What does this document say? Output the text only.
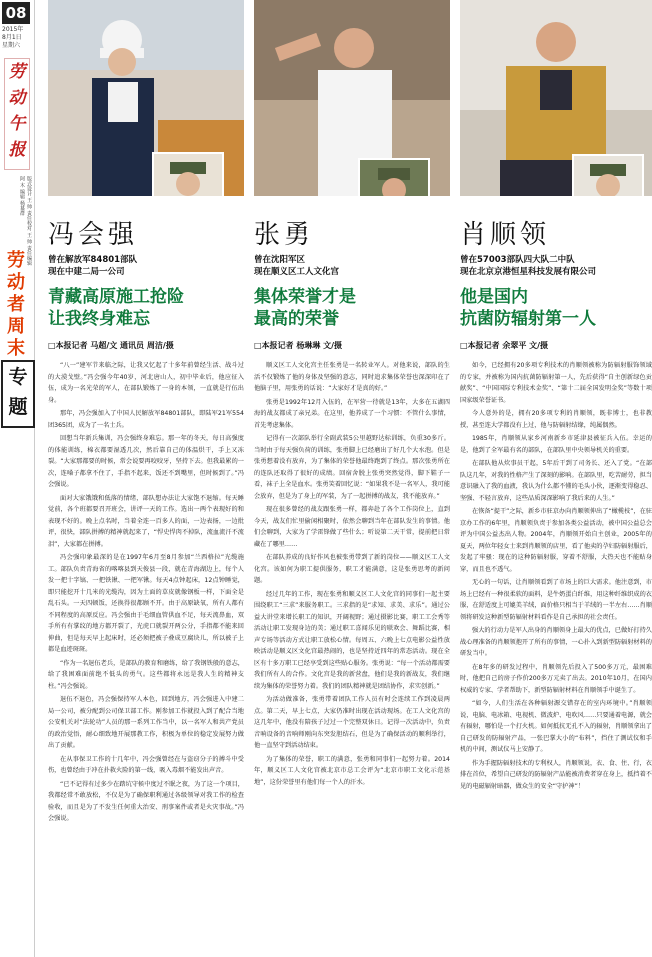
08
2015年
8月1日
星期六
劳动午报
版式设计 王 帅 责任校对 王 帅 责任编辑 阿 木 编辑 杨幕群
劳动者周末
专题
冯会强
曾在解放军84801部队
现在中建二局一公司
青藏高原施工抢险
让我终身难忘
□本报记者 马超/文 通讯员 周洁/摄

“八一”建军节来临之际，让我又忆起了十多年前曾经生活、战斗过的大漠戈壁。”冯会强今年40岁，河北唐山人，初中毕业后，他应征入伍，成为一名光荣的军人，在部队锻炼了一身的本领，一直就是行伍出身。

那年，冯会强加入了中国人民解放军84801部队，即陆军21军554团365团，成为了一名士兵。

回想当年新兵集训，冯会强终身难忘。那一年的冬天，每日高强度的体能训练，棉衣都要湿透几次，然后靠自己的体温烘干，手上又冻裂。“大家那都要的时候，常会说要再咬咬牙，坚持下去。但我最累的一次，连嗓子都拿不住了，手指不起来，饭还不到嘴里，但时候到了。”冯会强说。

面对大家饿饿和低落的情绪，部队想办法让大家饱不退缩。每天睡觉前，各个班都要召开班会，讲评一天的工作。选出一两个表现好的和表现不好的。晚上点名时，当着全连一百多人的面，一边表扬，一边批评，很快，部队拼搏的精神就起来了，“悍史悍肉不掉队，流血流汗不流泪”，大家都在拼搏。

冯会强印象最深的是在1997年6月至8月参加“兰西格拉”光缆施工。部队负责青海省的喀喀县到天俊县一段，就在青海湖边上，每个人发一把十字镐、一把铁锹、一把军锹。每天4点钟起床，12点钟睡觉，即只能挖开十几米的光缆沟，因为土面的草皮就像钢板一样，下面全是乱石头。一天四顿饭，还换得很都顾不开。由于高原缺氧，所有人都有不同程度的高原反应。冯会强由于毛细血管供血不足，每天流鼻血，双手所有有掌纹的地方都开裂了，光虎口就裂开两公分，手指都不能来回伸曲，但是每天早上起床时，还必须把被子叠成豆腐块儿，所以被子上都是血迹斑斑。

“作为一名退伍老兵，是部队的教育和磨练，给了我钢铁般的意志，给了我困难面前绝不低头的勇气。这些都将永远是我人生的精神支柱。”冯会强说。

退伍不退色，冯会强保持军人本色，回到地方，冯会强进入中建二局一公司，被分配到公司保卫部工作。刚参加工作就投入到了配合当地公安机关对“法轮功”人员的那一系列工作当中，以一名军人和共产党员的政治觉悟，耐心细致地开展那教工作，积极为单位的稳定发展努力做出了贡献。

在从事保卫工作的十几年中，冯会强曾经在与盗窃分子的搏斗中受伤，也曾经由于冲在扑救火险的第一线，吸入毒烟不能发出声音。

“已不记得有过多少在踏坑守候中度过不眠之夜，为了这一个项目，我都经常不敢放松，不仅是为了确保职利通过各级领导对我工作的检查验收，而且是为了不发生任何重大治安、刑事案件或者是火灾事故。”冯会强说。

张勇
曾在沈阳军区
现在顺义区工人文化宫
集体荣誉才是
最高的荣誉
□本报记者 杨琳琳 文/摄

顺义区工人文化宫主任张勇是一名转业军人。对他来说，部队的生活不仅锻炼了他的身体及坚强的意志，同时追求集体荣誉也深深印在了他脑子里，用张勇的话说：“大家好才是真的好。”

张勇是1992年12月入伍的，在军营一待就是13年，大多在五湖四海的战友都成了亲兄弟。在这里，他养成了一个习惯：不管什么事情，首先考虑集体。

记得有一次部队举行全副武装5公里越野达标训练，负重30多斤。当时由于每天强负荷的训练，张勇脚上已经磨出了好几个大水泡。但是张勇想着没有放弃，为了集体的荣誉他最终跑到了终点。那次张勇所在的连队还取得了很好的成绩。回宿舍脱上张勇突然觉得，脚下鞋子一看，袜子上全是血水。张勇笑着回忆说：“如果我不是一名军人，我可能会放弃，但是为了身上的军装，为了一起拼搏的战友，我不能放弃。”

现在很多曾经的战友跟张勇一样，都奔赴了各个工作岗位上，直到今天，战友们忙里偷闲相聚时，依然会聊到当年在部队发生的事情。他们会聊到，大家为了学雷锋做了些什么；听说第二天干常，提前把日常藏在了哪里……

在部队养成的良好作风也被张勇带到了新的岗位——顺义区工人文化宫。该如何为职工提供服务，职工才能满意，这是张勇思考的新问题。

经过几年的工作，现在张勇和顺义区工人文化宫的同事们一起主要围绕职工“三求”来服务职工。三求指的是“求知、求美、求乐”。通过公益大讲堂来增长职工的知识，开阔视野；通过摄影比赛，职工工会秀等活动让职工发现身边的美；通过职工喜闻乐见的联欢会、舞蹈比赛，相声专场等活动方式让职工放松心情。每周五、六晚上七点电影公益性放映活动是顺义区文化宫最热闹的，也是坚持近四年的常态活动。现在全区有十多万职工已经享受到这些贴心服务。张勇说：“每一个活动都需要我们所有人的合作。文化宫是我的新营盘，他们是我的新战友，我们继续为集体的荣誉努力着。我们的团队精神就是团结协作，求实创新。”

为活动做准备，张勇带着团队工作人员有时会连续工作到凌晨两点。第二天，早上七点，大家仍准时出现在活动现场。在工人文化宫的这几年中，他没有陪孩子过过一个完整双休日。记得一次活动中，负责音响设备的音响师刚向东突发胆结石，但是为了确保活动的顺利举行，他一直坚守到活动结束。

为了集体的荣誉，职工的满意，张勇和同事们一起努力着。2014年，顺义区工人文化宫被北京市总工会评为“北京市职工文化示范基地”，这份荣誉里有他们每一个人的汗水。

肖顺领
曾在57003部队四大队二中队
现在北京京港恒星科技发展有限公司
他是国内
抗菌防辐射第一人
□本报记者 余翠平 文/摄

如今，已经拥有20多项专利技术的肖顺领被称为防辐射服饰领域的专家，并被称为国内抗菌防辐射第一人，先后获得“自主创新绿色贡献奖”、“中国国际专利技术金奖”、“第十二届全国发明金奖”等数十项国家级荣誉证书。

今人意外的是，拥有20多项专利的肖顺领，既非博士，也非教授，甚至连大学都没有上过，他与防辐射结缘，纯属偶然。

1985年，肖顺领从家乡河南新乡市延津县被征兵入伍。幸运的是，他到了全军最有名的部队，在部队里中央领导机关的重要。

在部队他从炊事员干起，5年后干到了司务长、还入了党。“在部队这几年，对我的性格产生了深刻的影响。在部队里，吃苦耐劳，担当意识融入了我的血液，我认为什么都不懂的毛头小伙，逐渐变得稳忍、坚强、不轻言放弃，这些品质深深影响了我后来的人生。”

在恢备“提干”之际，新乡市驻京办向肖顺领伸出了“橄榄枝”，在驻京办工作的6年里，肖顺领负责于参加各类公益活动，被中国公益总会评为中国公益杰出人物。2004年，肖顺领开始自主创业，2005年的夏天，两位年轻女士来到肖顺领的店里，看了他卖的孕妇防辐射服后，发起了牢骚：现在的这种防辐射服，穿着不舒服，大热天也不能贴身穿，而且也不透气。

无心的一句话，让肖顺领看到了市场上的巨大需求。他注意到，市场上已经有一种很柔软的面料，是牛奶蛋白纤维，用这种纤维织成的衣服，在舒适度上可媲美羊绒，面价格只相当于羊绒的一半左右……肖顺领将研发这种新型防辐射材料看作是自己承担的社会责任。

强大的行动力是军人出身的肖顺领身上最大的优点，已做好打持久战心理准备的肖顺领抱开了所有的事情，一心扑入到新型防辐射材料的研发当中。

在8年多的研发过程中，肖顺领先后投入了500多万元，最困难时，他把自己的房子作价200多万元卖了出去。2010年10月，在国内权威的专家、学者帮助下，新型防辐射材料在肖顺领手中诞生了。

“如今，人们生活在各种辐射源交错存在的室内环境中。”肖顺领说，电脑、电冰箱、电视机、微波炉、电吹风……只要通着电源，就会有辐射，哪怕是一个打火机。如何抵抗无孔不入的辐射，肖顺领拿出了自己研发的防辐射产品，一张巴掌大小的“布料”，挡住了测试仪和手机的中间，测试仪马上安静了。

作为手握防辐射技术的专利权人，肖顺领说，衣、食、住、行，衣排在首位，希望自己研发的防辐射产品能被消费者穿在身上，抵挡着不见的电磁辐射暗器，做众生的安全“守护神”！
